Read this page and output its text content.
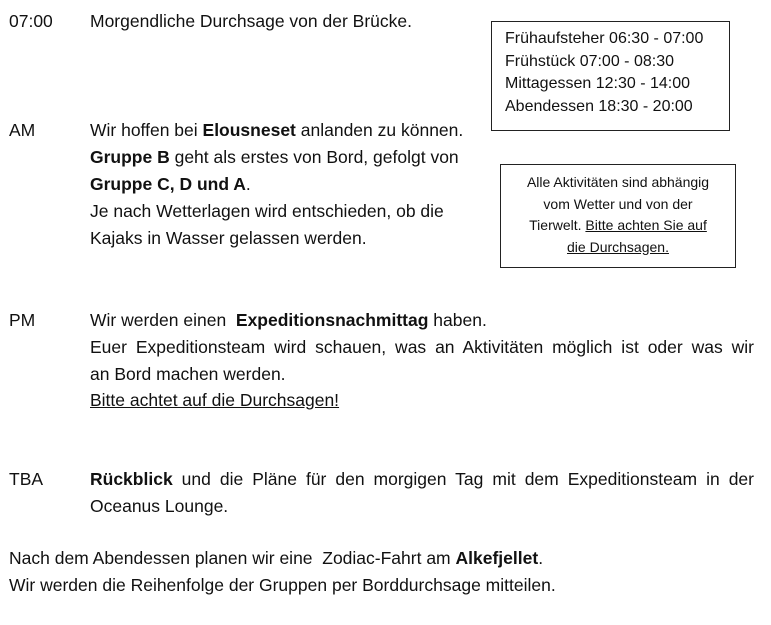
07:00 Morgendliche Durchsage von der Brücke.
AM	Wir hoffen bei Elousneset anlanden zu können.
Gruppe B geht als erstes von Bord, gefolgt von
Gruppe C, D und A.
Je nach Wetterlagen wird entschieden, ob die
Kajaks in Wasser gelassen werden.
PM	Wir werden einen  Expeditionsnachmittag haben.
Euer Expeditionsteam wird schauen, was an Aktivitäten möglich ist oder was wir
an Bord machen werden.
Bitte achtet auf die Durchsagen!
TBA	Rückblick und die Pläne für den morgigen Tag mit dem Expeditionsteam in der
Oceanus Lounge.
Nach dem Abendessen planen wir eine  Zodiac-Fahrt am Alkefjellet.
Wir werden die Reihenfolge der Gruppen per Borddurchsage mitteilen.
Frühaufsteher 06:30 - 07:00
Frühstück 07:00 - 08:30
Mittagessen 12:30 - 14:00
Abendessen 18:30 - 20:00
Alle Aktivitäten sind abhängig
vom Wetter und von der
Tierwelt. Bitte achten Sie auf
die Durchsagen.
